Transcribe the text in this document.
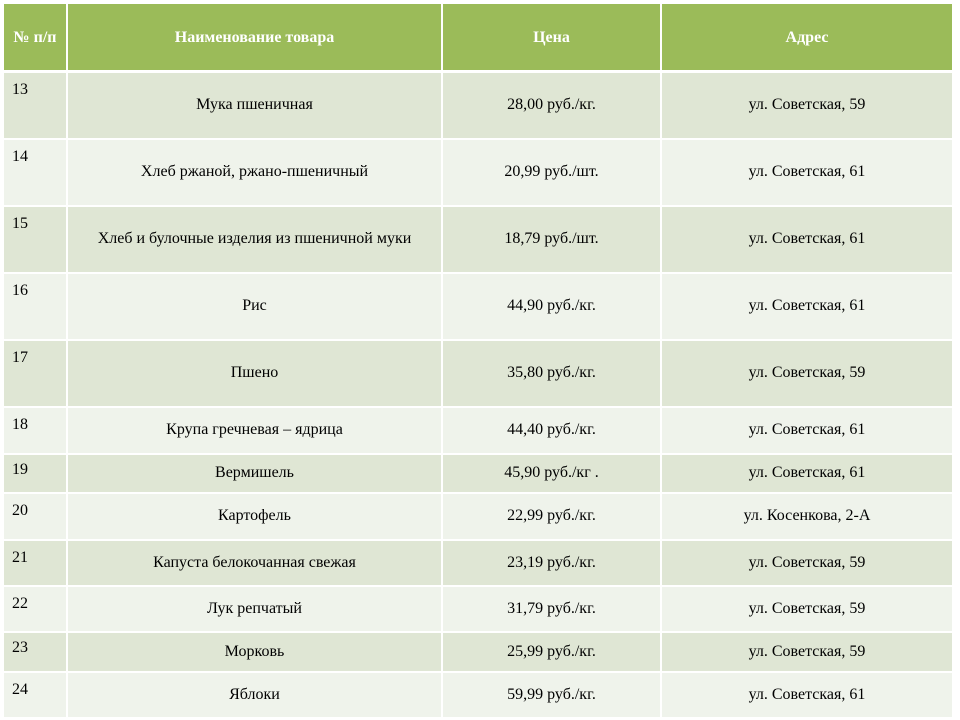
№ п/п	Наименование товара	Цена	Адрес
13	Мука пшеничная	28,00 руб./кг.	ул. Советская, 59
14	Хлеб ржаной, ржано-пшеничный	20,99 руб./шт.	ул. Советская, 61
15	Хлеб и булочные изделия из пшеничной муки	18,79 руб./шт.	ул. Советская, 61
16	Рис	44,90 руб./кг.	ул. Советская, 61
17	Пшено	35,80 руб./кг.	ул. Советская, 59
18	Крупа гречневая – ядрица	44,40 руб./кг.	ул. Советская, 61
19	Вермишель	45,90 руб./кг .	ул. Советская, 61
20	Картофель	22,99 руб./кг.	ул. Косенкова, 2-А
21	Капуста белокочанная свежая	23,19 руб./кг.	ул. Советская, 59
22	Лук репчатый	31,79 руб./кг.	ул. Советская, 59
23	Морковь	25,99 руб./кг.	ул. Советская, 59
24	Яблоки	59,99 руб./кг.	ул. Советская, 61
